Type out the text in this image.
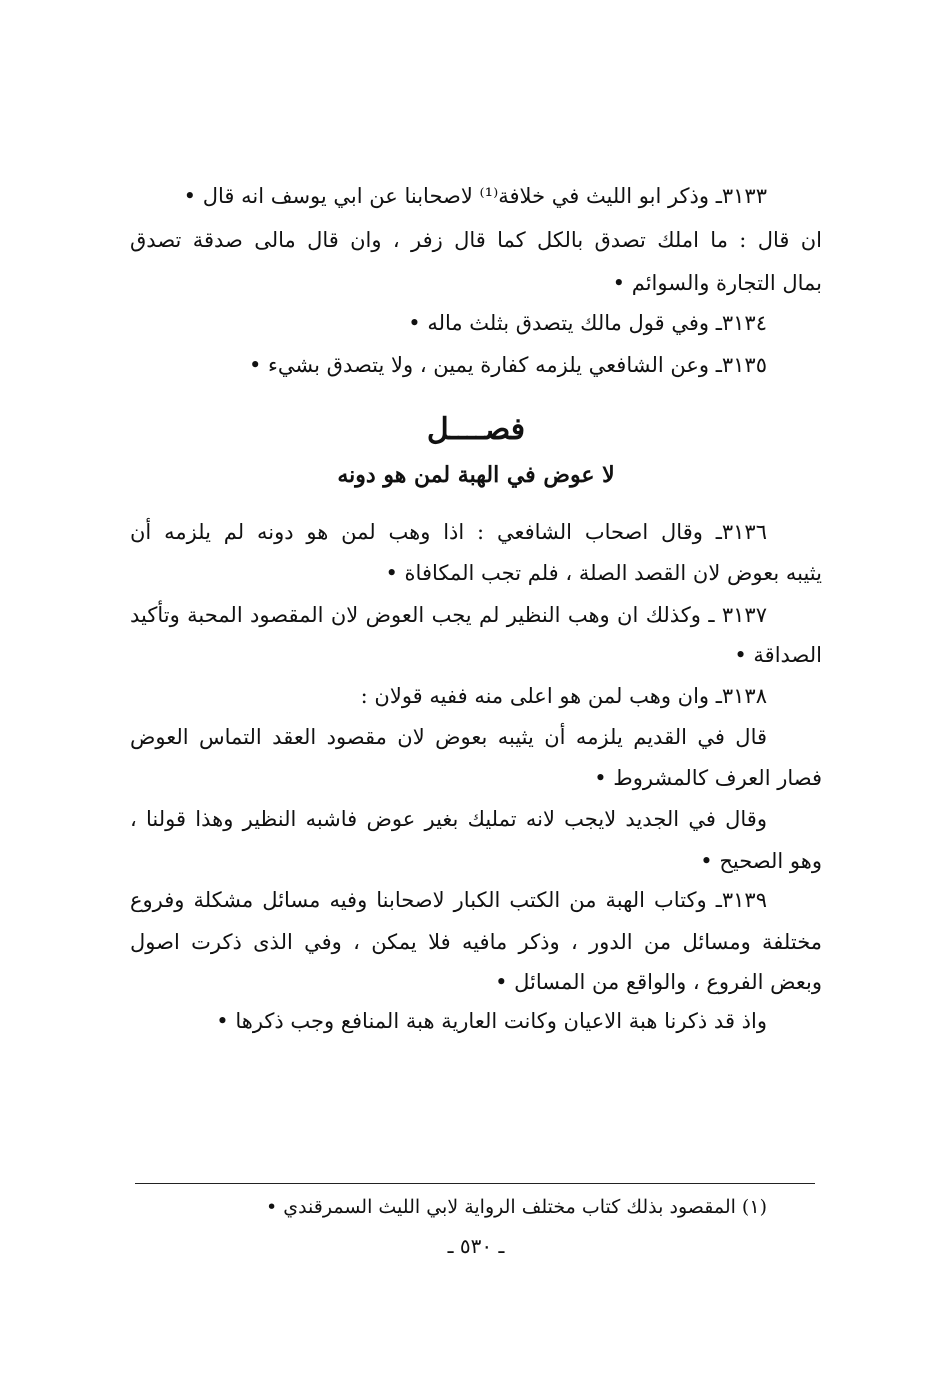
٣١٣٣ـ وذكر ابو الليث في خلافة⁽¹⁾ لاصحابنا عن ابي يوسف انه قال •
ان قال : ما املك تصدق بالكل كما قال زفر ، وان قال مالى صدقة تصدق
بمال التجارة والسوائم •
٣١٣٤ـ وفي قول مالك يتصدق بثلث ماله •
٣١٣٥ـ وعن الشافعي يلزمه كفارة يمين ، ولا يتصدق بشيء •
فصــــل
لا عوض في الهبة لمن هو دونه
٣١٣٦ـ وقال اصحاب الشافعي : اذا وهب لمن هو دونه لم يلزمه أن
يثيبه بعوض لان القصد الصلة ، فلم تجب المكافاة •
٣١٣٧ ـ وكذلك ان وهب النظير لم يجب العوض لان المقصود المحبة وتأكيد
الصداقة •
٣١٣٨ـ وان وهب لمن هو اعلى منه ففيه قولان :
قال في القديم يلزمه أن يثيبه بعوض لان مقصود العقد التماس العوض
فصار العرف كالمشروط •
وقال في الجديد لايجب لانه تمليك بغير عوض فاشبه النظير وهذا قولنا ،
وهو الصحيح •
٣١٣٩ـ وكتاب الهبة من الكتب الكبار لاصحابنا وفيه مسائل مشكلة وفروع
مختلفة ومسائل من الدور ، وذكر مافيه فلا يمكن ، وفي الذى ذكرت اصول
وبعض الفروع ، والواقع من المسائل •
واذ قد ذكرنا هبة الاعيان وكانت العارية هبة المنافع وجب ذكرها •
(١) المقصود بذلك كتاب مختلف الرواية لابي الليث السمرقندي •
ـ ٥٣٠ ـ
